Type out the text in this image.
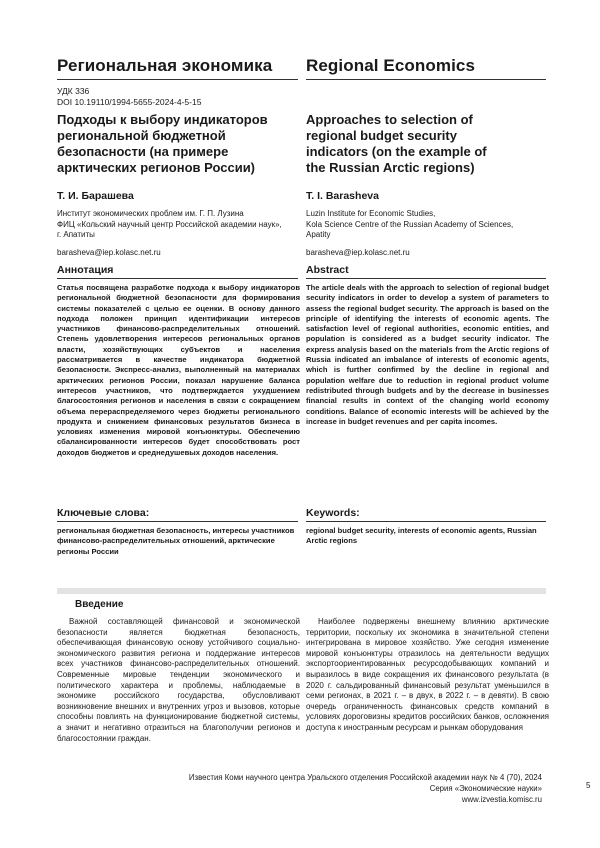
Региональная экономика	Regional Economics

УДК 336
DOI 10.19110/1994-5655-2024-4-5-15

Подходы к выбору индикаторов региональной бюджетной безопасности (на примере арктических регионов России)

Approaches to selection of regional budget security indicators (on the example of the Russian Arctic regions)

Т. И. Барашева	T. I. Barasheva

Институт экономических проблем им. Г. П. Лузина
ФИЦ «Кольский научный центр Российской академии наук»,
г. Апатиты
Luzin Institute for Economic Studies,
Kola Science Centre of the Russian Academy of Sciences,
Apatity
barasheva@iep.kolasc.net.ru	barasheva@iep.kolasc.net.ru

Аннотация	Abstract

Статья посвящена разработке подхода к выбору индикаторов региональной бюджетной безопасности для формирования системы показателей с целью ее оценки. В основу данного подхода положен принцип идентификации интересов участников финансово-распределительных отношений. Степень удовлетворения интересов региональных органов власти, хозяйствующих субъектов и населения рассматривается в качестве индикатора бюджетной безопасности. Экспресс-анализ, выполненный на материалах арктических регионов России, показал нарушение баланса интересов участников, что подтверждается ухудшением благосостояния регионов и населения в связи с сокращением объема перераспределяемого через бюджеты регионального продукта и снижением финансовых результатов бизнеса в условиях изменения мировой конъюнктуры. Обеспечению сбалансированности интересов будет способствовать рост доходов бюджетов и среднедушевых доходов населения.

The article deals with the approach to selection of regional budget security indicators in order to develop a system of parameters to assess the regional budget security. The approach is based on the principle of identifying the interests of economic agents. The satisfaction level of regional authorities, economic entities, and population is considered as a budget security indicator. The express analysis based on the materials from the Arctic regions of Russia indicated an imbalance of interests of economic agents, which is further confirmed by the decline in regional and population welfare due to reduction in regional product volume redistributed through budgets and by the decrease in businesses financial results in context of the changing world economy conditions. Balance of economic interests will be achieved by the increase in budget revenues and per capita incomes.

Ключевые слова:	Keywords:

региональная бюджетная безопасность, интересы участников финансово-распределительных отношений, арктические регионы России

regional budget security, interests of economic agents, Russian Arctic regions

Введение

Важной составляющей финансовой и экономической безопасности является бюджетная безопасность, обеспечивающая финансовую основу устойчивого социально-экономического развития региона и поддержание интересов всех участников финансово-распределительных отношений. Современные мировые тенденции экономического и политического характера и проблемы, наблюдаемые в экономике российского государства, обусловливают возникновение внешних и внутренних угроз и вызовов, которые способны повлиять на функционирование бюджетной системы, а значит и негативно отразиться на благополучии регионов и благосостоянии граждан.

Наиболее подвержены внешнему влиянию арктические территории, поскольку их экономика в значительной степени интегрирована в мировое хозяйство. Уже сегодня изменение мировой конъюнктуры отразилось на деятельности ведущих экспортоориентированных ресурсодобывающих компаний и выразилось в виде сокращения их финансового результата (в 2020 г. сальдированный финансовый результат уменьшился в семи регионах, в 2021 г. – в двух, в 2022 г. – в девяти). В свою очередь ограниченность финансовых средств компаний в условиях дороговизны кредитов российских банков, осложнения доступа к иностранным ресурсам и рынкам оборудования

Известия Коми научного центра Уральского отделения Российской академии наук № 4 (70), 2024
Серия «Экономические науки»
www.izvestia.komisc.ru
5
